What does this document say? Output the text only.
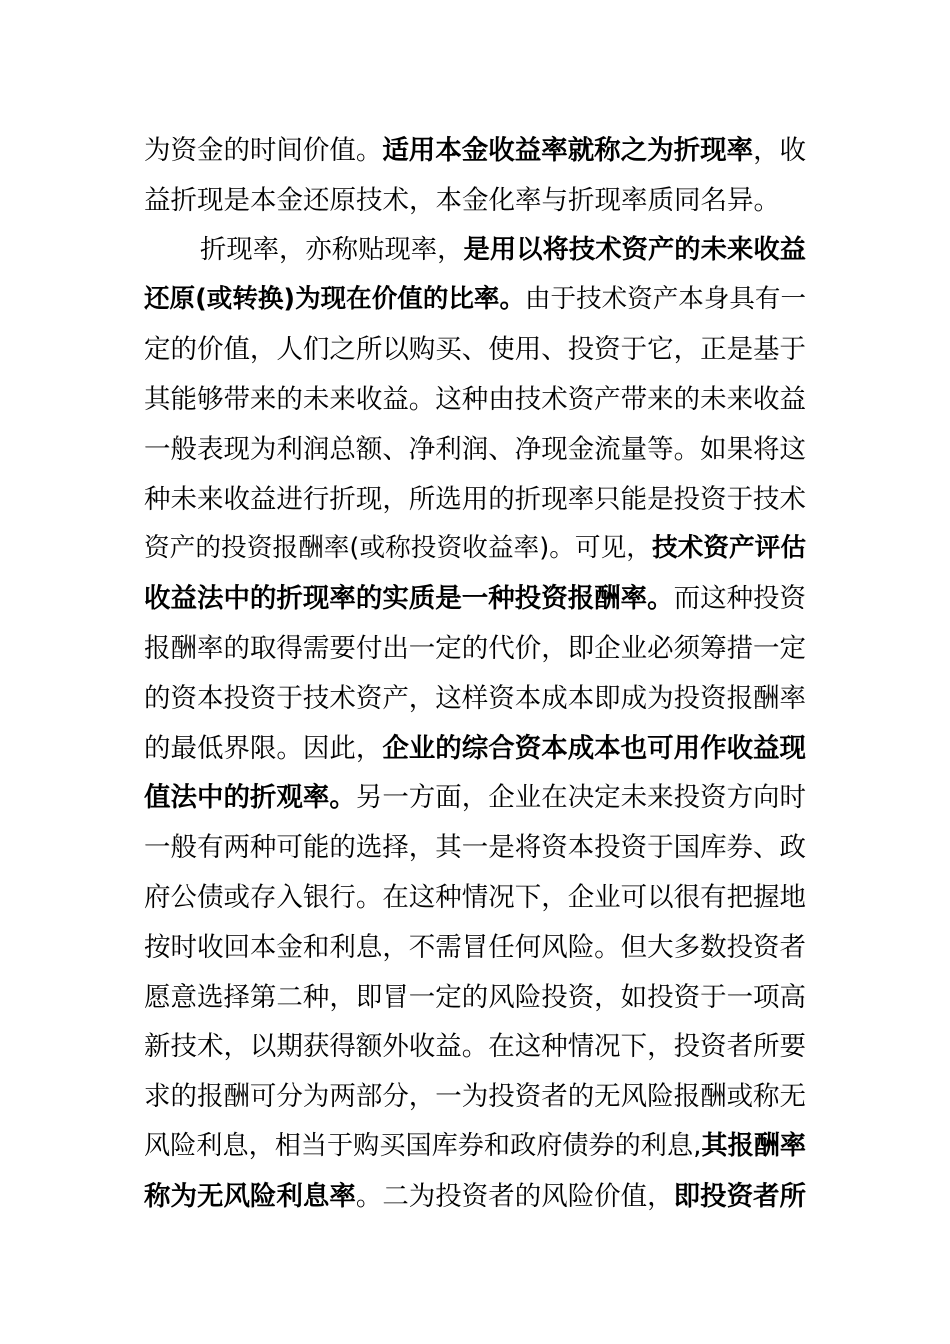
为资金的时间价值。适用本金收益率就称之为折现率，收
益折现是本金还原技术，本金化率与折现率质同名异。
折现率，亦称贴现率，是用以将技术资产的未来收益
还原(或转换)为现在价值的比率。由于技术资产本身具有一
定的价值，人们之所以购买、使用、投资于它，正是基于
其能够带来的未来收益。这种由技术资产带来的未来收益
一般表现为利润总额、净利润、净现金流量等。如果将这
种未来收益进行折现，所选用的折现率只能是投资于技术
资产的投资报酬率(或称投资收益率)。可见，技术资产评估
收益法中的折现率的实质是一种投资报酬率。而这种投资
报酬率的取得需要付出一定的代价，即企业必须筹措一定
的资本投资于技术资产，这样资本成本即成为投资报酬率
的最低界限。因此，企业的综合资本成本也可用作收益现
值法中的折观率。另一方面，企业在决定未来投资方向时
一般有两种可能的选择，其一是将资本投资于国库券、政
府公债或存入银行。在这种情况下，企业可以很有把握地
按时收回本金和利息，不需冒任何风险。但大多数投资者
愿意选择第二种，即冒一定的风险投资，如投资于一项高
新技术，以期获得额外收益。在这种情况下，投资者所要
求的报酬可分为两部分，一为投资者的无风险报酬或称无
风险利息，相当于购买国库券和政府债券的利息,其报酬率
称为无风险利息率。二为投资者的风险价值，即投资者所
